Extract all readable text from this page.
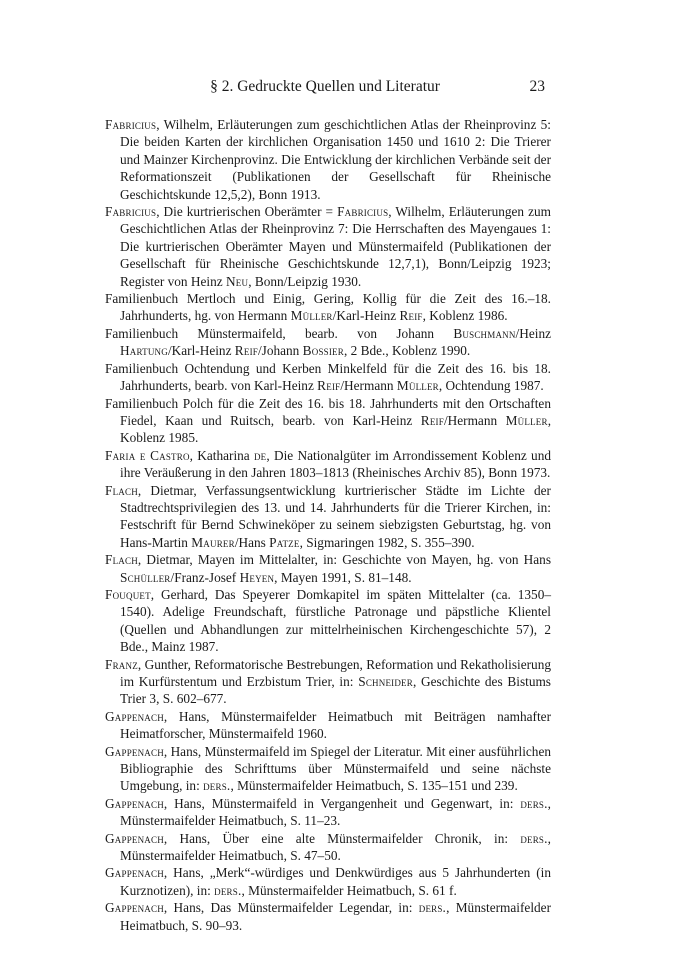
§ 2. Gedruckte Quellen und Literatur	23

Fabricius, Wilhelm, Erläuterungen zum geschichtlichen Atlas der Rheinprovinz 5: Die beiden Karten der kirchlichen Organisation 1450 und 1610 2: Die Trierer und Mainzer Kirchenprovinz. Die Entwicklung der kirchlichen Verbände seit der Reformationszeit (Publikationen der Gesellschaft für Rheinische Geschichtskunde 12,5,2), Bonn 1913.

Fabricius, Die kurtrierischen Oberämter = Fabricius, Wilhelm, Erläuterungen zum Geschichtlichen Atlas der Rheinprovinz 7: Die Herrschaften des Mayengaues 1: Die kurtrierischen Oberämter Mayen und Münstermaifeld (Publikationen der Gesellschaft für Rheinische Geschichtskunde 12,7,1), Bonn/Leipzig 1923; Register von Heinz Neu, Bonn/Leipzig 1930.

Familienbuch Mertloch und Einig, Gering, Kollig für die Zeit des 16.–18. Jahrhunderts, hg. von Hermann Müller/Karl-Heinz Reif, Koblenz 1986.

Familienbuch Münstermaifeld, bearb. von Johann Buschmann/Heinz Hartung/Karl-Heinz Reif/Johann Bossier, 2 Bde., Koblenz 1990.

Familienbuch Ochtendung und Kerben Minkelfeld für die Zeit des 16. bis 18. Jahrhunderts, bearb. von Karl-Heinz Reif/Hermann Müller, Ochtendung 1987.

Familienbuch Polch für die Zeit des 16. bis 18. Jahrhunderts mit den Ortschaften Fiedel, Kaan und Ruitsch, bearb. von Karl-Heinz Reif/Hermann Müller, Koblenz 1985.

Faria e Castro, Katharina de, Die Nationalgüter im Arrondissement Koblenz und ihre Veräußerung in den Jahren 1803–1813 (Rheinisches Archiv 85), Bonn 1973.

Flach, Dietmar, Verfassungsentwicklung kurtrierischer Städte im Lichte der Stadtrechtsprivilegien des 13. und 14. Jahrhunderts für die Trierer Kirchen, in: Festschrift für Bernd Schwineköper zu seinem siebzigsten Geburtstag, hg. von Hans-Martin Maurer/Hans Patze, Sigmaringen 1982, S. 355–390.

Flach, Dietmar, Mayen im Mittelalter, in: Geschichte von Mayen, hg. von Hans Schüller/Franz-Josef Heyen, Mayen 1991, S. 81–148.

Fouquet, Gerhard, Das Speyerer Domkapitel im späten Mittelalter (ca. 1350–1540). Adelige Freundschaft, fürstliche Patronage und päpstliche Klientel (Quellen und Abhandlungen zur mittelrheinischen Kirchengeschichte 57), 2 Bde., Mainz 1987.

Franz, Gunther, Reformatorische Bestrebungen, Reformation und Rekatholisierung im Kurfürstentum und Erzbistum Trier, in: Schneider, Geschichte des Bistums Trier 3, S. 602–677.

Gappenach, Hans, Münstermaifelder Heimatbuch mit Beiträgen namhafter Heimatforscher, Münstermaifeld 1960.

Gappenach, Hans, Münstermaifeld im Spiegel der Literatur. Mit einer ausführlichen Bibliographie des Schrifttums über Münstermaifeld und seine nächste Umgebung, in: ders., Münstermaifelder Heimatbuch, S. 135–151 und 239.

Gappenach, Hans, Münstermaifeld in Vergangenheit und Gegenwart, in: ders., Münstermaifelder Heimatbuch, S. 11–23.

Gappenach, Hans, Über eine alte Münstermaifelder Chronik, in: ders., Münstermaifelder Heimatbuch, S. 47–50.

Gappenach, Hans, „Merk“-würdiges und Denkwürdiges aus 5 Jahrhunderten (in Kurznotizen), in: ders., Münstermaifelder Heimatbuch, S. 61 f.

Gappenach, Hans, Das Münstermaifelder Legendar, in: ders., Münstermaifelder Heimatbuch, S. 90–93.
